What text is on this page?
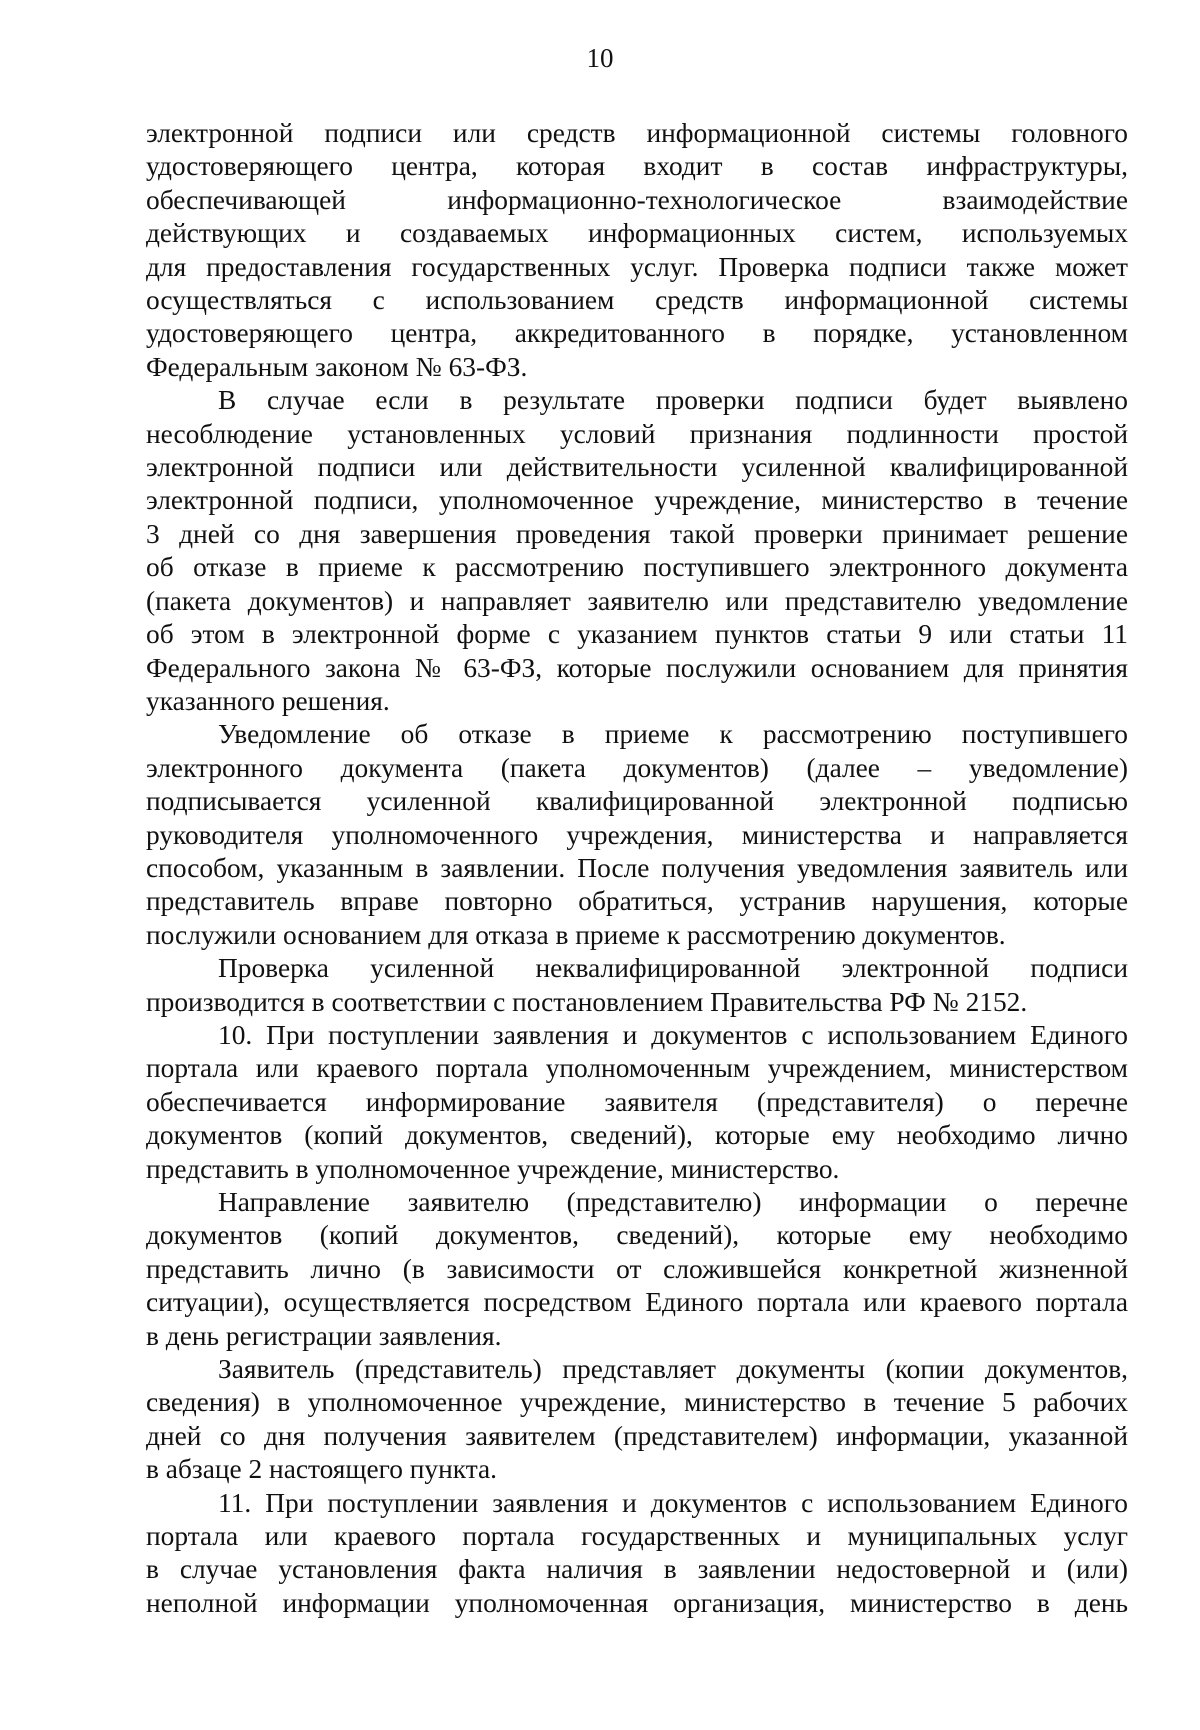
10
электронной подписи или средств информационной системы головного
удостоверяющего центра, которая входит в состав инфраструктуры,
обеспечивающей информационно-технологическое взаимодействие
действующих и создаваемых информационных систем, используемых
для предоставления государственных услуг. Проверка подписи также может
осуществляться с использованием средств информационной системы
удостоверяющего центра, аккредитованного в порядке, установленном
Федеральным законом № 63-ФЗ.
В случае если в результате проверки подписи будет выявлено
несоблюдение установленных условий признания подлинности простой
электронной подписи или действительности усиленной квалифицированной
электронной подписи, уполномоченное учреждение, министерство в течение
3 дней со дня завершения проведения такой проверки принимает решение
об отказе в приеме к рассмотрению поступившего электронного документа
(пакета документов) и направляет заявителю или представителю уведомление
об этом в электронной форме с указанием пунктов статьи 9 или статьи 11
Федерального закона № 63-ФЗ, которые послужили основанием для принятия
указанного решения.
Уведомление об отказе в приеме к рассмотрению поступившего
электронного документа (пакета документов) (далее – уведомление)
подписывается усиленной квалифицированной электронной подписью
руководителя уполномоченного учреждения, министерства и направляется
способом, указанным в заявлении. После получения уведомления заявитель или
представитель вправе повторно обратиться, устранив нарушения, которые
послужили основанием для отказа в приеме к рассмотрению документов.
Проверка усиленной неквалифицированной электронной подписи
производится в соответствии с постановлением Правительства РФ № 2152.
10. При поступлении заявления и документов с использованием Единого
портала или краевого портала уполномоченным учреждением, министерством
обеспечивается информирование заявителя (представителя) о перечне
документов (копий документов, сведений), которые ему необходимо лично
представить в уполномоченное учреждение, министерство.
Направление заявителю (представителю) информации о перечне
документов (копий документов, сведений), которые ему необходимо
представить лично (в зависимости от сложившейся конкретной жизненной
ситуации), осуществляется посредством Единого портала или краевого портала
в день регистрации заявления.
Заявитель (представитель) представляет документы (копии документов,
сведения) в уполномоченное учреждение, министерство в течение 5 рабочих
дней со дня получения заявителем (представителем) информации, указанной
в абзаце 2 настоящего пункта.
11. При поступлении заявления и документов с использованием Единого
портала или краевого портала государственных и муниципальных услуг
в случае установления факта наличия в заявлении недостоверной и (или)
неполной информации уполномоченная организация, министерство в день
